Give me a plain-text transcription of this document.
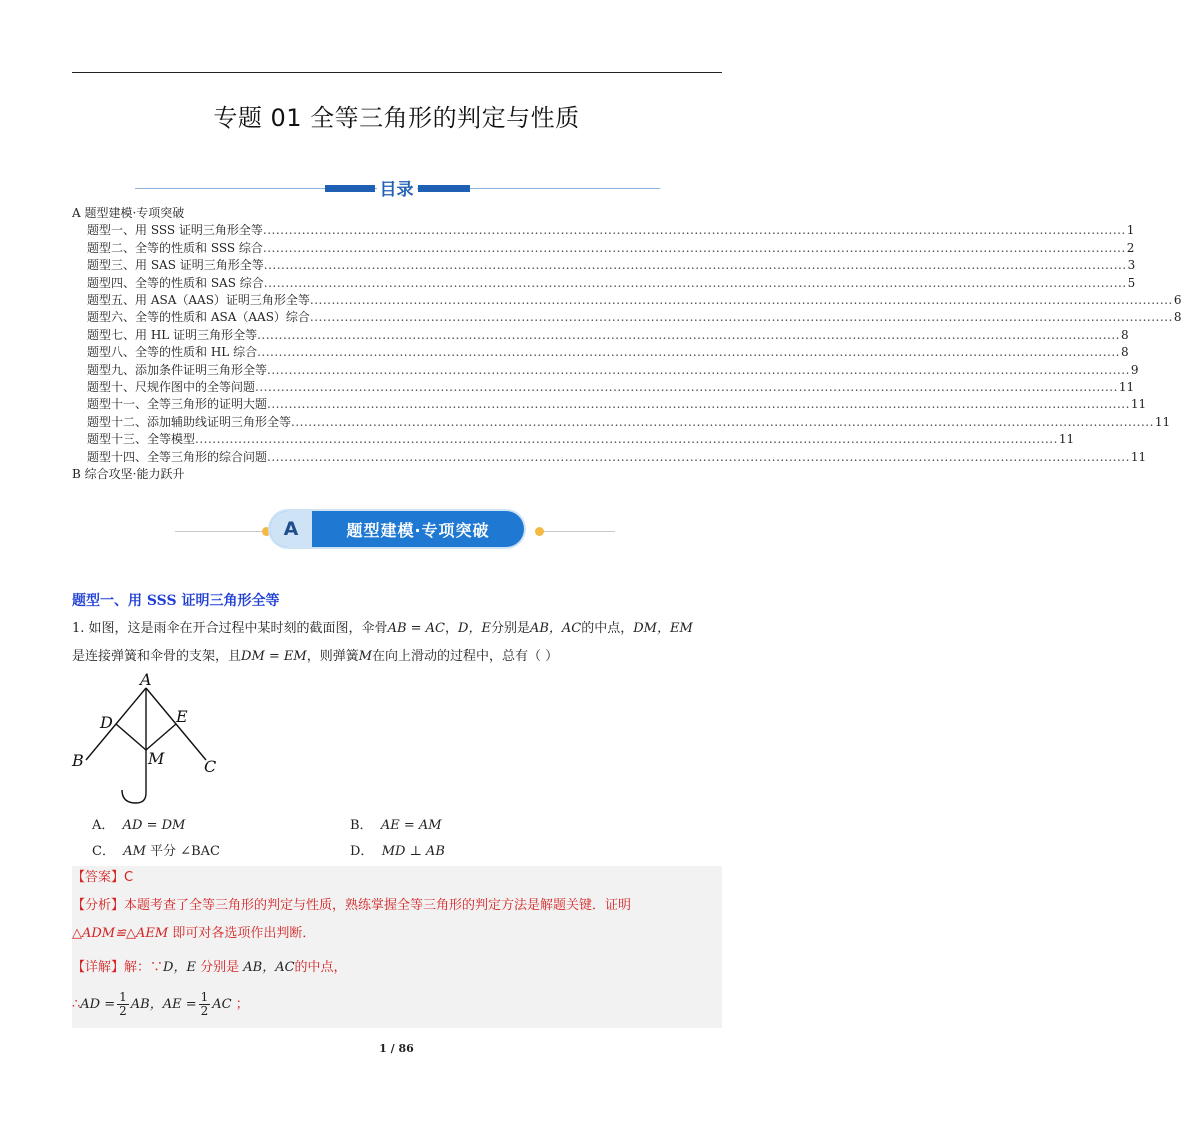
专题 01 全等三角形的判定与性质
目录
A 题型建模·专项突破
题型一、用 SSS 证明三角形全等 ........................................................................................................................................................................................................ 1
题型二、全等的性质和 SSS 综合 ........................................................................................................................................................................................................ 2
题型三、用 SAS 证明三角形全等 ........................................................................................................................................................................................................ 3
题型四、全等的性质和 SAS 综合 ........................................................................................................................................................................................................ 5
题型五、用 ASA（AAS）证明三角形全等 ........................................................................................................................................................................................................ 6
题型六、全等的性质和 ASA（AAS）综合 ........................................................................................................................................................................................................ 8
题型七、用 HL 证明三角形全等 ........................................................................................................................................................................................................ 8
题型八、全等的性质和 HL 综合 ........................................................................................................................................................................................................ 8
题型九、添加条件证明三角形全等 ........................................................................................................................................................................................................ 9
题型十、尺规作图中的全等问题 ........................................................................................................................................................................................................ 11
题型十一、全等三角形的证明大题 ........................................................................................................................................................................................................ 11
题型十二、添加辅助线证明三角形全等 ........................................................................................................................................................................................................ 11
题型十三、全等模型 ........................................................................................................................................................................................................ 11
题型十四、全等三角形的综合问题 ........................................................................................................................................................................................................ 11
B 综合攻坚·能力跃升
A	题型建模·专项突破
题型一、用 SSS 证明三角形全等
1. 如图，这是雨伞在开合过程中某时刻的截面图，伞骨AB = AC，D，E分别是AB，AC的中点，DM，EM
是连接弹簧和伞骨的支架，且DM = EM，则弹簧M在向上滑动的过程中，总有（ ）
A
B	C
D	E
M
A． AD = DM	B． AE = AM
C． AM 平分 ∠BAC	D． MD ⊥ AB
【答案】C
【分析】本题考查了全等三角形的判定与性质，熟练掌握全等三角形的判定方法是解题关键．证明
△ADM≌△AEM 即可对各选项作出判断．
【详解】解：∵D，E 分别是 AB，AC的中点，
∴AD = $\frac{1}{2}$ AB，AE = $\frac{1}{2}$ AC ；
1 / 86
